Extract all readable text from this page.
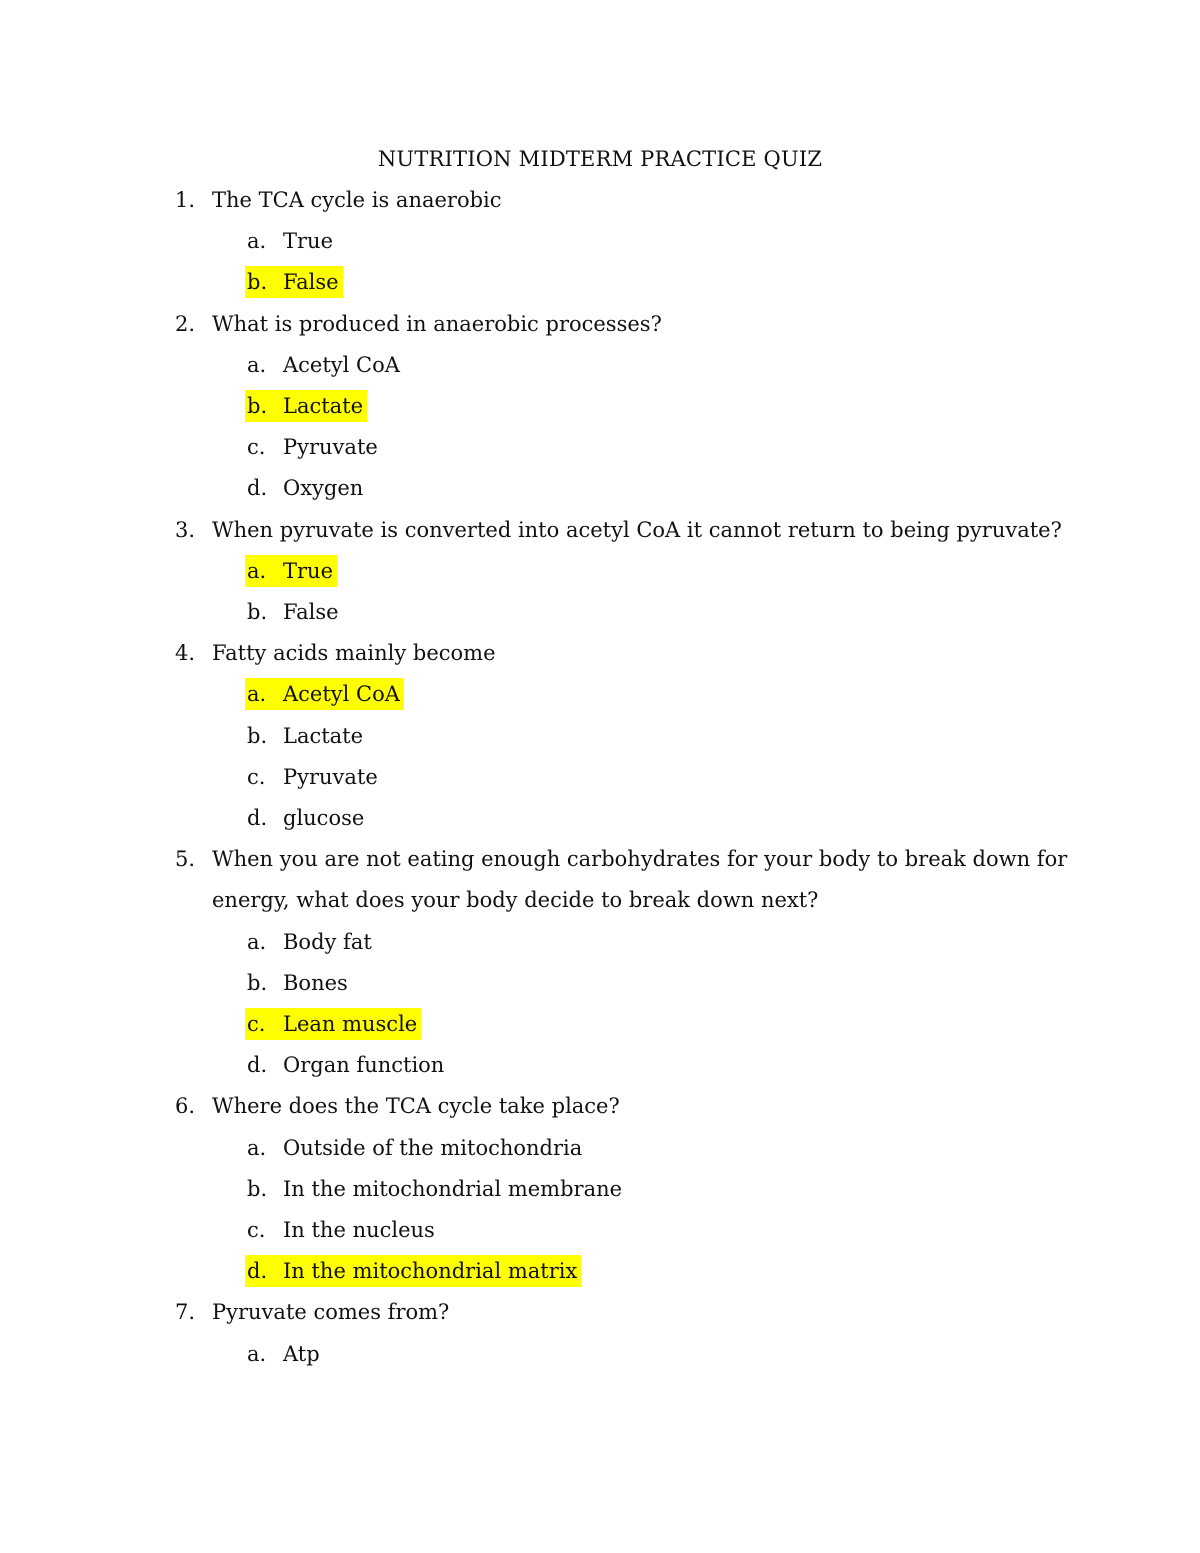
NUTRITION MIDTERM PRACTICE QUIZ
1. The TCA cycle is anaerobic
a. True
b. False
2. What is produced in anaerobic processes?
a. Acetyl CoA
b. Lactate
c. Pyruvate
d. Oxygen
3. When pyruvate is converted into acetyl CoA it cannot return to being pyruvate?
a. True
b. False
4. Fatty acids mainly become
a. Acetyl CoA
b. Lactate
c. Pyruvate
d. glucose
5. When you are not eating enough carbohydrates for your body to break down for
energy, what does your body decide to break down next?
a. Body fat
b. Bones
c. Lean muscle
d. Organ function
6. Where does the TCA cycle take place?
a. Outside of the mitochondria
b. In the mitochondrial membrane
c. In the nucleus
d. In the mitochondrial matrix
7. Pyruvate comes from?
a. Atp
